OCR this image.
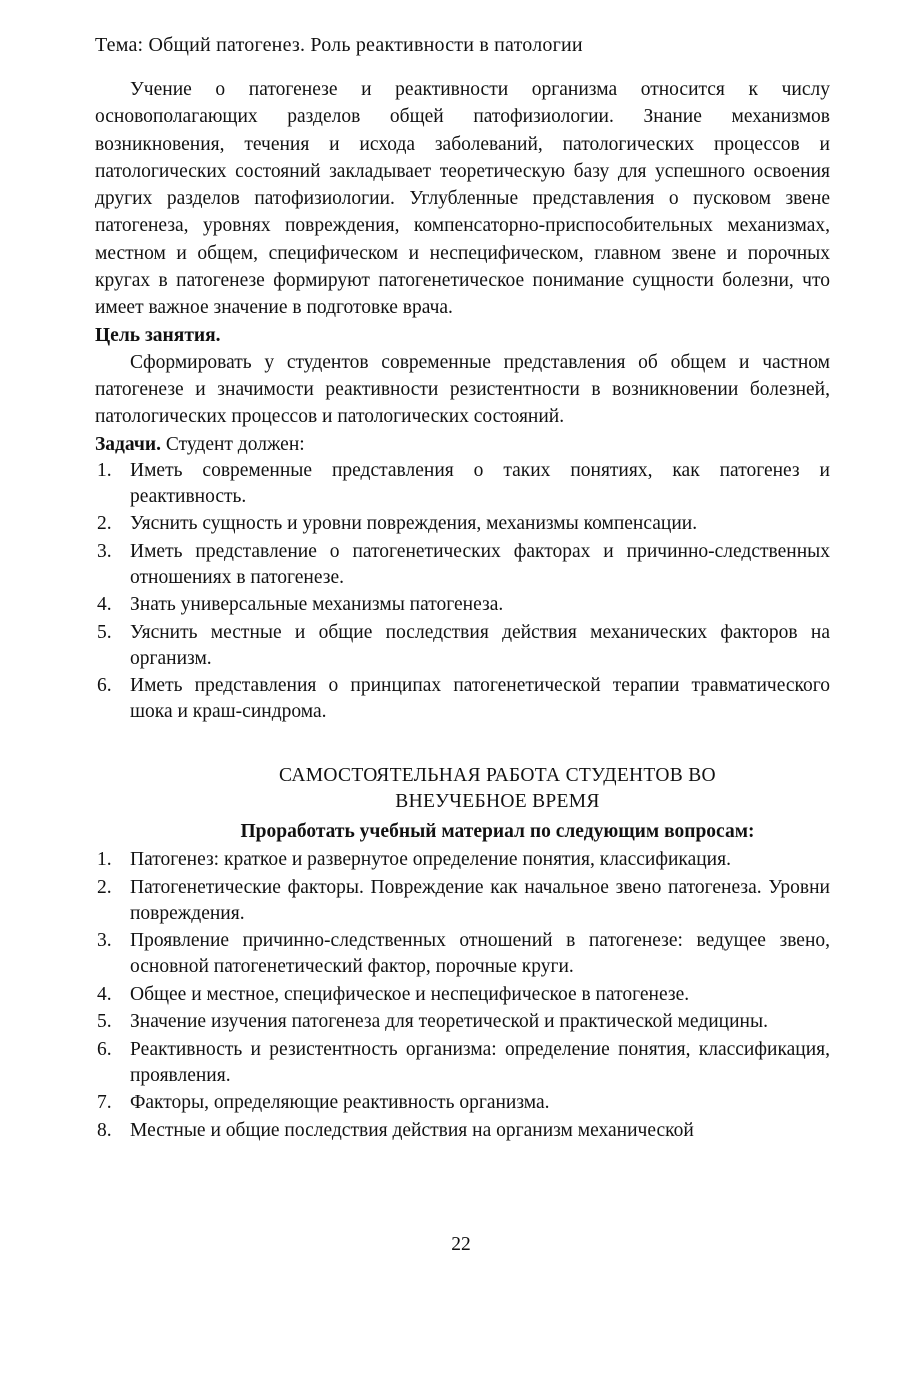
Тема: Общий патогенез. Роль реактивности в патологии

Учение о патогенезе и реактивности организма относится к числу основополагающих разделов общей патофизиологии. Знание механизмов возникновения, течения и исхода заболеваний, патологических процессов и патологических состояний закладывает теоретическую базу для успешного освоения других разделов патофизиологии. Углубленные представления о пусковом звене патогенеза, уровнях повреждения, компенсаторно-приспособительных механизмах, местном и общем, специфическом и неспецифическом, главном звене и порочных кругах в патогенезе формируют патогенетическое понимание сущности болезни, что имеет важное значение в подготовке врача.

Цель занятия.

Сформировать у студентов современные представления об общем и частном патогенезе и значимости реактивности резистентности в возникновении болезней, патологических процессов и патологических состояний.

Задачи. Студент должен:
1. Иметь современные представления о таких понятиях, как патогенез и реактивность.
2. Уяснить сущность и уровни повреждения, механизмы компенсации.
3. Иметь представление о патогенетических факторах и причинно-следственных отношениях в патогенезе.
4. Знать универсальные механизмы патогенеза.
5. Уяснить местные и общие последствия действия механических факторов на организм.
6. Иметь представления о принципах патогенетической терапии травматического шока и краш-синдрома.
САМОСТОЯТЕЛЬНАЯ РАБОТА СТУДЕНТОВ ВО
ВНЕУЧЕБНОЕ ВРЕМЯ
Проработать учебный материал по следующим вопросам:
1. Патогенез: краткое и развернутое определение понятия, классификация.
2. Патогенетические факторы. Повреждение как начальное звено патогенеза. Уровни повреждения.
3. Проявление причинно-следственных отношений в патогенезе: ведущее звено, основной патогенетический фактор, порочные круги.
4. Общее и местное, специфическое и неспецифическое в патогенезе.
5. Значение изучения патогенеза для теоретической и практической медицины.
6. Реактивность и резистентность организма: определение понятия, классификация, проявления.
7. Факторы, определяющие реактивность организма.
8. Местные и общие последствия действия на организм механической
22
